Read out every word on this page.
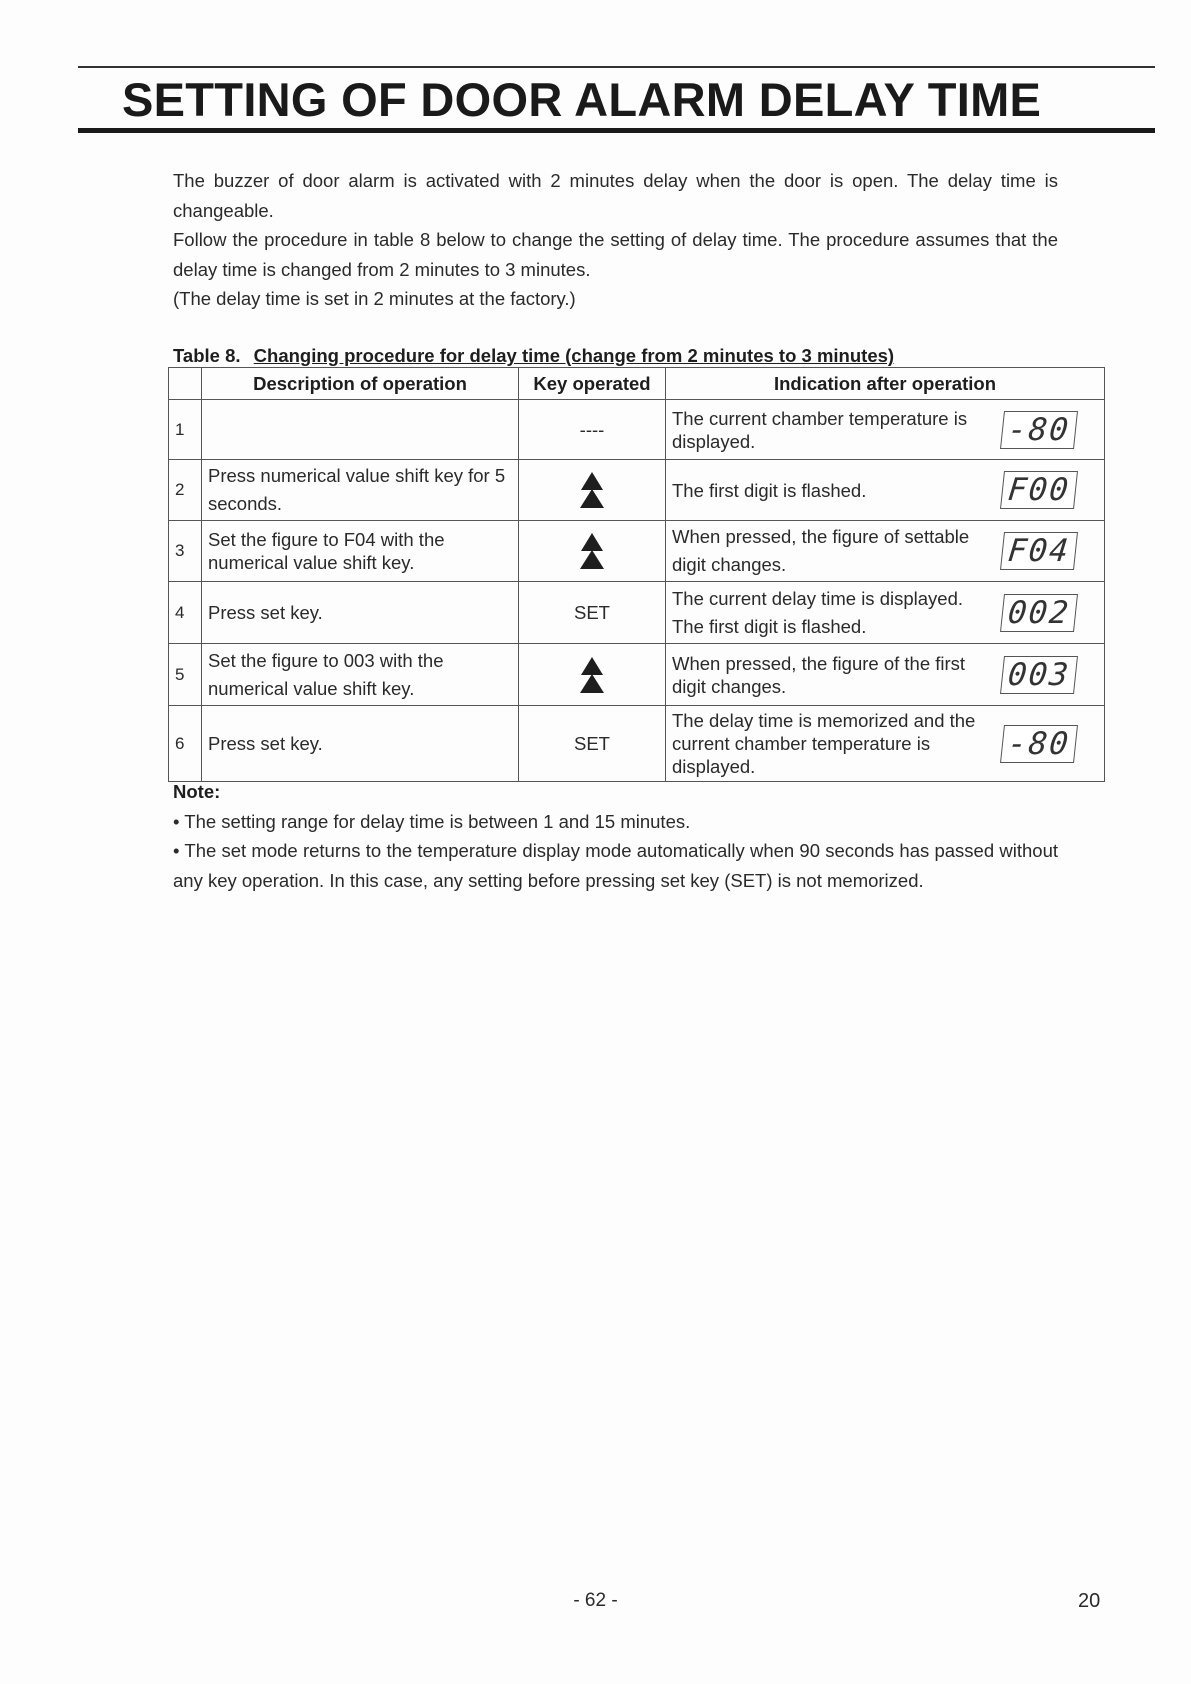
SETTING OF DOOR ALARM DELAY TIME

The buzzer of door alarm is activated with 2 minutes delay when the door is open. The delay time is changeable.

Follow the procedure in table 8 below to change the setting of delay time. The procedure assumes that the delay time is changed from 2 minutes to 3 minutes.

(The delay time is set in 2 minutes at the factory.)

Table 8. Changing procedure for delay time (change from 2 minutes to 3 minutes)
	Description of operation	Key operated	Indication after operation
1		----	The current chamber temperature is displayed. -80

2	Press numerical value shift key for 5 seconds.		The first digit is flashed. F00

3	Set the figure to F04 with the numerical value shift key.		When pressed, the figure of settable digit changes. F04

4	Press set key.	SET	The current delay time is displayed. The first digit is flashed. 002

5	Set the figure to 003 with the numerical value shift key.		When pressed, the figure of the first digit changes. 003

6	Press set key.	SET	The delay time is memorized and the current chamber temperature is displayed.
-80

Note:

• The setting range for delay time is between 1 and 15 minutes.

• The set mode returns to the temperature display mode automatically when 90 seconds has passed without any key operation. In this case, any setting before pressing set key (SET) is not memorized.

- 62 -	20
